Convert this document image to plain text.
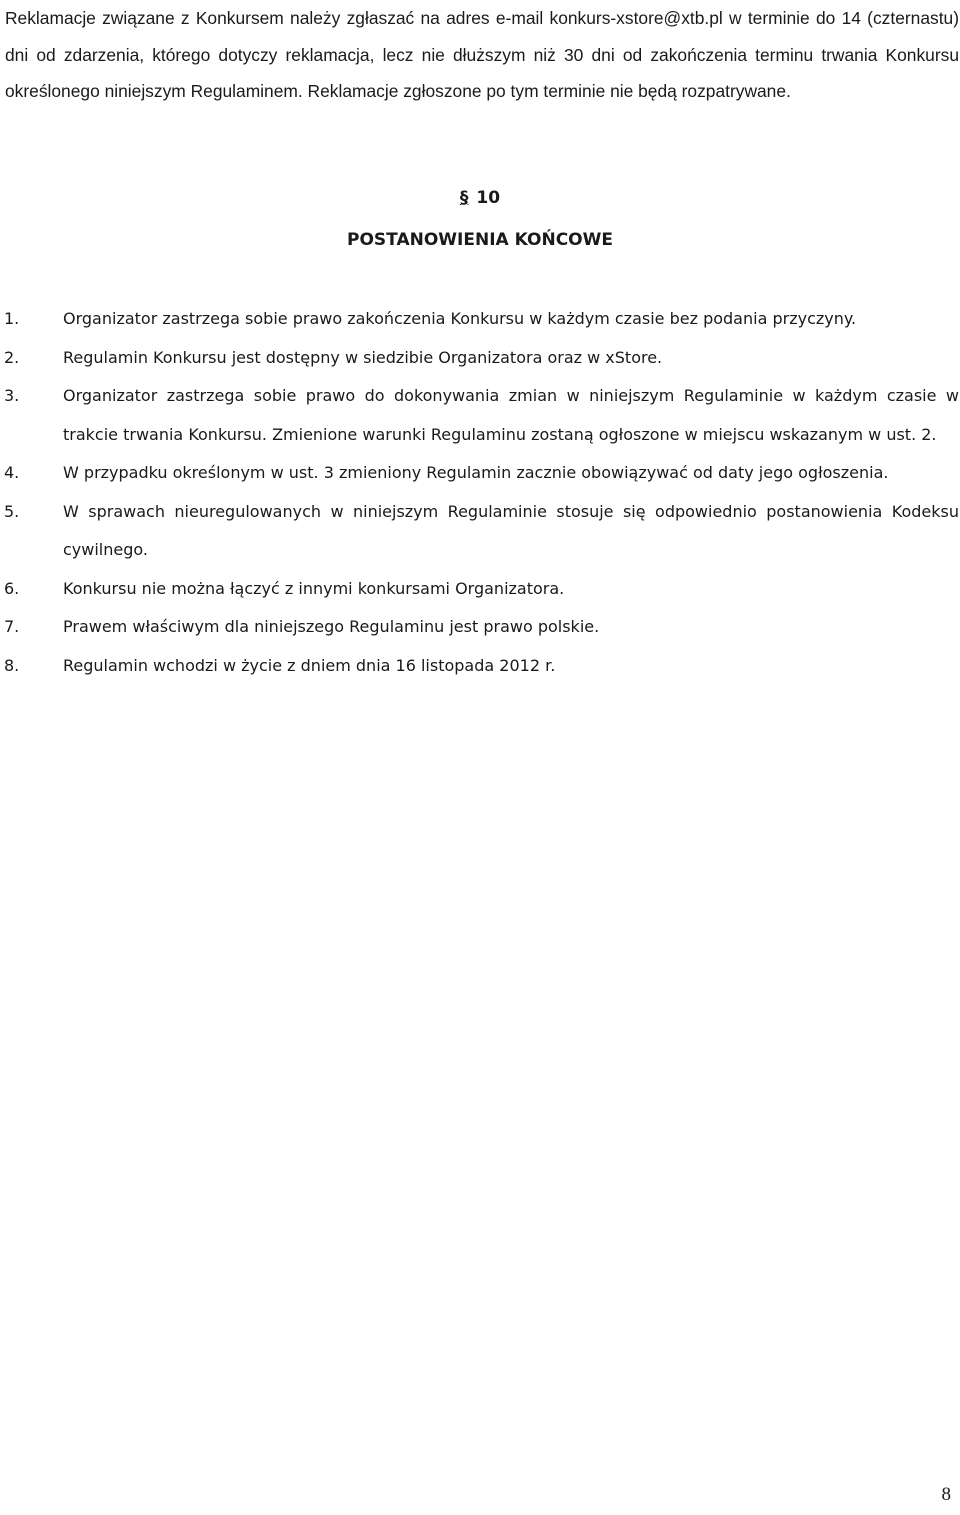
Reklamacje związane z Konkursem należy zgłaszać na adres e-mail konkurs-xstore@xtb.pl w terminie do 14 (czternastu) dni od zdarzenia, którego dotyczy reklamacja, lecz nie dłuższym niż 30 dni od zakończenia terminu trwania Konkursu określonego niniejszym Regulaminem. Reklamacje zgłoszone po tym terminie nie będą rozpatrywane.

§ 10
POSTANOWIENIA KOŃCOWE
1.	Organizator zastrzega sobie prawo zakończenia Konkursu w każdym czasie bez podania przyczyny.
2.	Regulamin Konkursu jest dostępny w siedzibie Organizatora oraz w xStore.
3.	Organizator zastrzega sobie prawo do dokonywania zmian w niniejszym Regulaminie w każdym czasie w trakcie trwania Konkursu. Zmienione warunki Regulaminu zostaną ogłoszone w miejscu wskazanym w ust. 2.
4.	W przypadku określonym w ust. 3 zmieniony Regulamin zacznie obowiązywać od daty jego ogłoszenia.
5.	W sprawach nieuregulowanych w niniejszym Regulaminie stosuje się odpowiednio postanowienia Kodeksu cywilnego.
6.	Konkursu nie można łączyć z innymi konkursami Organizatora.
7.	Prawem właściwym dla niniejszego Regulaminu jest prawo polskie.
8.	Regulamin wchodzi w życie z dniem dnia 16 listopada 2012 r.

8
